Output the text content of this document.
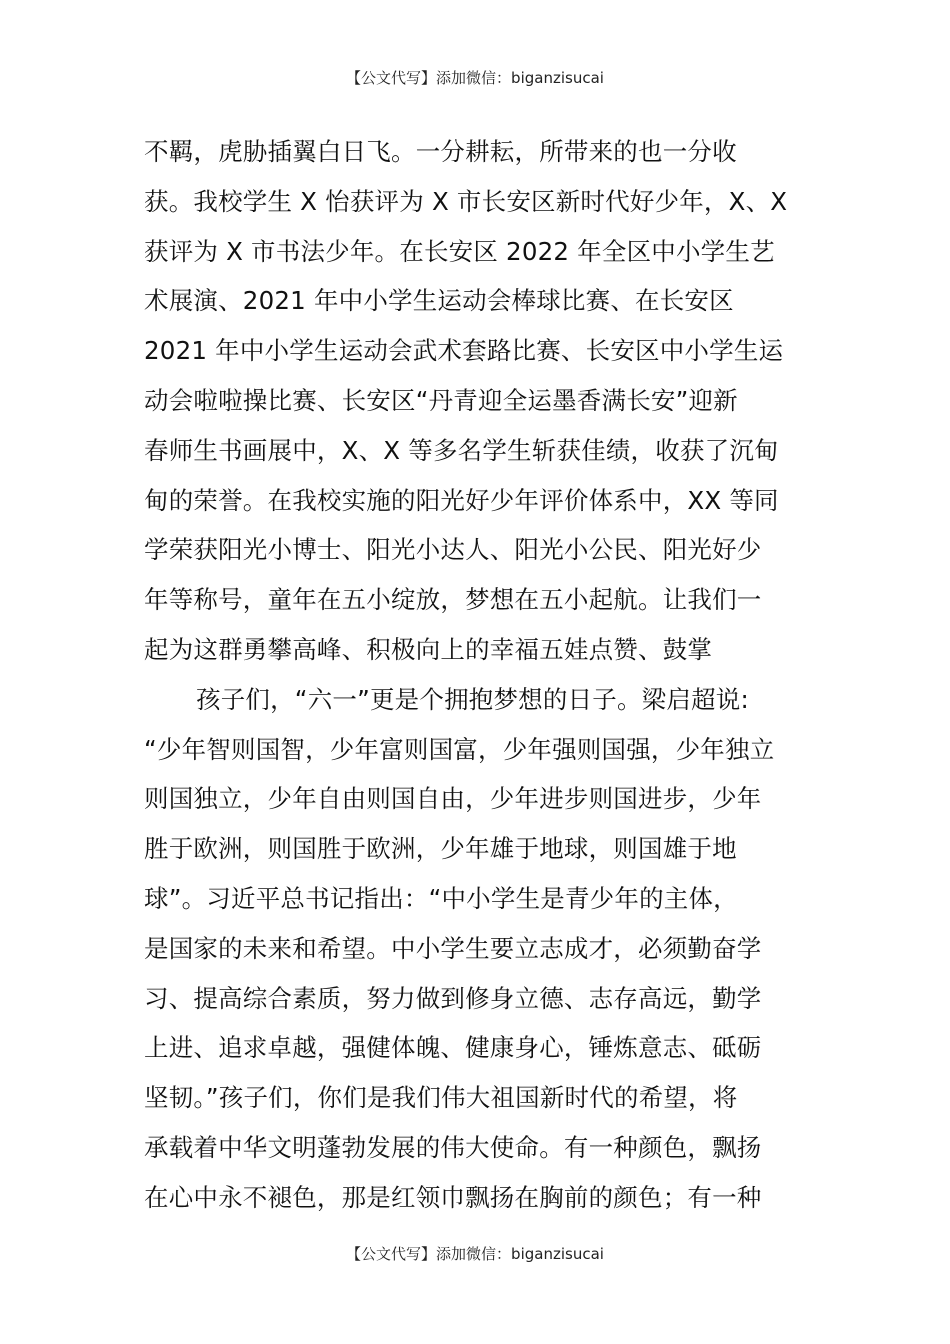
【公文代写】添加微信：biganzisucai
不羁，虎胁插翼白日飞。一分耕耘，所带来的也一分收
获。我校学生 X 怡获评为 X 市长安区新时代好少年，X、X
获评为 X 市书法少年。在长安区 2022 年全区中小学生艺
术展演、2021 年中小学生运动会棒球比赛、在长安区
2021 年中小学生运动会武术套路比赛、长安区中小学生运
动会啦啦操比赛、长安区“丹青迎全运墨香满长安”迎新
春师生书画展中，X、X 等多名学生斩获佳绩，收获了沉甸
甸的荣誉。在我校实施的阳光好少年评价体系中，XX 等同
学荣获阳光小博士、阳光小达人、阳光小公民、阳光好少
年等称号，童年在五小绽放，梦想在五小起航。让我们一
起为这群勇攀高峰、积极向上的幸福五娃点赞、鼓掌
孩子们，“六一”更是个拥抱梦想的日子。梁启超说:
“少年智则国智，少年富则国富，少年强则国强，少年独立
则国独立，少年自由则国自由，少年进步则国进步，少年
胜于欧洲，则国胜于欧洲，少年雄于地球，则国雄于地
球”。习近平总书记指出：“中小学生是青少年的主体，
是国家的未来和希望。中小学生要立志成才，必须勤奋学
习、提高综合素质，努力做到修身立德、志存高远，勤学
上进、追求卓越，强健体魄、健康身心，锤炼意志、砥砺
坚韧。”孩子们，你们是我们伟大祖国新时代的希望，将
承载着中华文明蓬勃发展的伟大使命。有一种颜色，飘扬
在心中永不褪色，那是红领巾飘扬在胸前的颜色；有一种
【公文代写】添加微信：biganzisucai
